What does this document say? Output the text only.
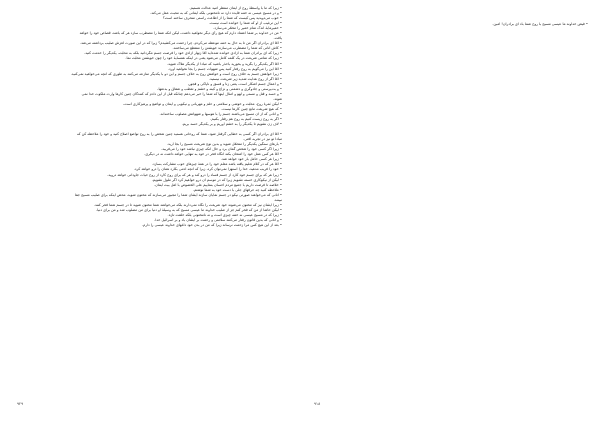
• زیرا که ما با واسطهٔ روح از ایمان منتظر امید عدالت هستیم.

• و در مسیح عیسی نه ختنه فایده دارد نه نامختونی بلکه ایمانی که به محبت عمل می‌کند.

• خوب می‌دویدید پس کیست که شما را از اطاعت راستی منحرف ساخته است؟

• این ترغیب از او که شما را خوانده است نیست.

• خمیرمایهٔ اندک تمام خمیر را مخمّر می‌سازد.

• من در خداوند بر شما اعتماد دارم که هیچ رأی دیگر نخواهید داشت، لیکن آنکه شما را مضطرب سازد هر که باشد، قصاص خود را خواهد

یافت.

• امّا ای برادران اگر من تا به حال به ختنه موعظه می‌کردم، چرا زحمت می‌کشیدم؟ زیرا که در این صورت لغزش صلیب برداشته می‌شد.

• کاش آنانی که شما را مضطرب می‌سازند خویشتن را منقطع می‌ساختند.

• زیرا که ای برادران شما به آزادی خوانده شده‌اید امّا زنهار آزادی خود را فرصت جسم مگردانید بلکه به محبّت، یکدیگر را خدمت کنید.

• زیرا که تمامی شریعت در یک کلمه کامل می‌شود یعنی در اینکه همسایهٔ خود را چون خویشتن محبّت نما.

• امّا اگر یکدیگر را بگزید و بخورید باحذر باشید که مبادا از یکدیگر هلاک شوید.

• امّا این را می‌گویم به روح رفتار کنید پس شهوات جسم را بجا نخواهید آورد.

• زیرا خواهش جسم به خلاف روح است و خواهش روح به خلاف جسم و این دو با یکدیگر منازعه می‌کنند به طوری که آنچه می‌خواهید نمی‌کنید.

• امّا اگر از روح هدایت شدید زیر شریعت نیستید.

• و اعمال جسم آشکار است، یعنی زنا و فسق و ناپاکی و فجور،

• و بت‌پرستی و جادوگری و دشمنی و نزاع و کینه و خشم و تعصّب و شقاق و بدعتها،

• و حسد و قتل و مستی و لهو و امثال اینها که شما را خبر می‌دهم چنانکه قبل از این دادم که کنندگان چنین کارها وارث ملکوت خدا نمی

شوند.

• لیکن ثمرهٔ روح، محبّت و خوشی و سلامتی و حلم و مهربانی و نیکویی و ایمان و تواضع و پرهیزکاری است،

• که هیچ شریعت مانع چنین کارها نیست.

• و آنانی که از آن مسیح می‌باشند جسم را با هوسها و شهواتش مصلوب ساخته‌اند.

• اگر به روح زیست کنیم به روح هم رفتار بکنیم.

• لاف زن نشویم تا یکدیگر را به خشم آوریم و بر یکدیگر حسد بریم.

• امّا ای برادران اگر کسی به خطایی گرفتار شود، شما که روحانی هستید چنین شخص را به روح تواضع اصلاح کنید و خود را ملاحظه کن که

مبادا تو نیز در تجربه افتی.

• بارهای سنگین یکدیگر را متحمّل شوید و بدین نوع شریعت مسیح را بجا آرید.

• زیرا اگر کسی خود را شخص گمان برد و حال آنکه چیزی نباشد خود را می‌فریبد.

• امّا هر کس عمل خود را امتحان بکند آنگاه فخر در خود به تنهایی خواهد داشت نه در دیگری.

• زیرا هر کسی حامل بار خود خواهد شد.

• امّا هر که در کلام تعلیم یافته باشد معلّم خود را در همهٔ چیزهای خوب مشارکت بسازد.

• خود را فریب مدهید، خدا را استهزا نمی‌توان کرد، زیرا که آنچه آدمی بکارد همان را درو خواهد کرد.

• زیرا هر که برای جسم خود کارد از جسم فساد را درو کند و هر که برای روح کارد از روح حیات جاودانی خواهد دروید.

• لیکن از نیکوکاری خسته نشویم زیرا که در موسم آن درو خواهیم کرد اگر ملول نشویم.

• خلاصه تا فرصت داریم با جمیع مردم احسان بنماییم علی الخصوص با اهل بیت ایمان.

• ملاحظه کنید چه حرفهای جلی با دست خود به شما نوشتم.

• آنانی که می‌خواهند صورتی نیکو در جسم نمایان سازند ایشان شما را مجبور می‌سازند که مختون شوید، محض اینکه برای صلیب مسیح جفا

نبینند.

• زیرا ایشان نیز که مختون می‌شوند خود شریعت را نگاه نمی‌دارند بلکه می‌خواهند شما مختون شوید تا در جسم شما فخر کنند.

• لیکن حاشا از من که فخر کنم جز از صلیب خداوند ما عیسی مسیح که به وسیلهٔ او دنیا برای من مصلوب شد و من برای دنیا.

• زیرا که در مسیح عیسی نه ختنه چیزی است و نه نامختونی بلکه خلقت تازه.

• و آنانی که بدین قانون رفتار می‌کنند سلامتی و رحمت بر ایشان باد و بر اسرائیل خدا.

• بعد از این هیچ کس مرا زحمت نرساند زیرا که من در بدن خود داغهای خداوند عیسی را دارم.

٩٢٩
• فیض خداوند ما عیسی مسیح با روح شما باد ای برادران! آمین.
٩١٨
